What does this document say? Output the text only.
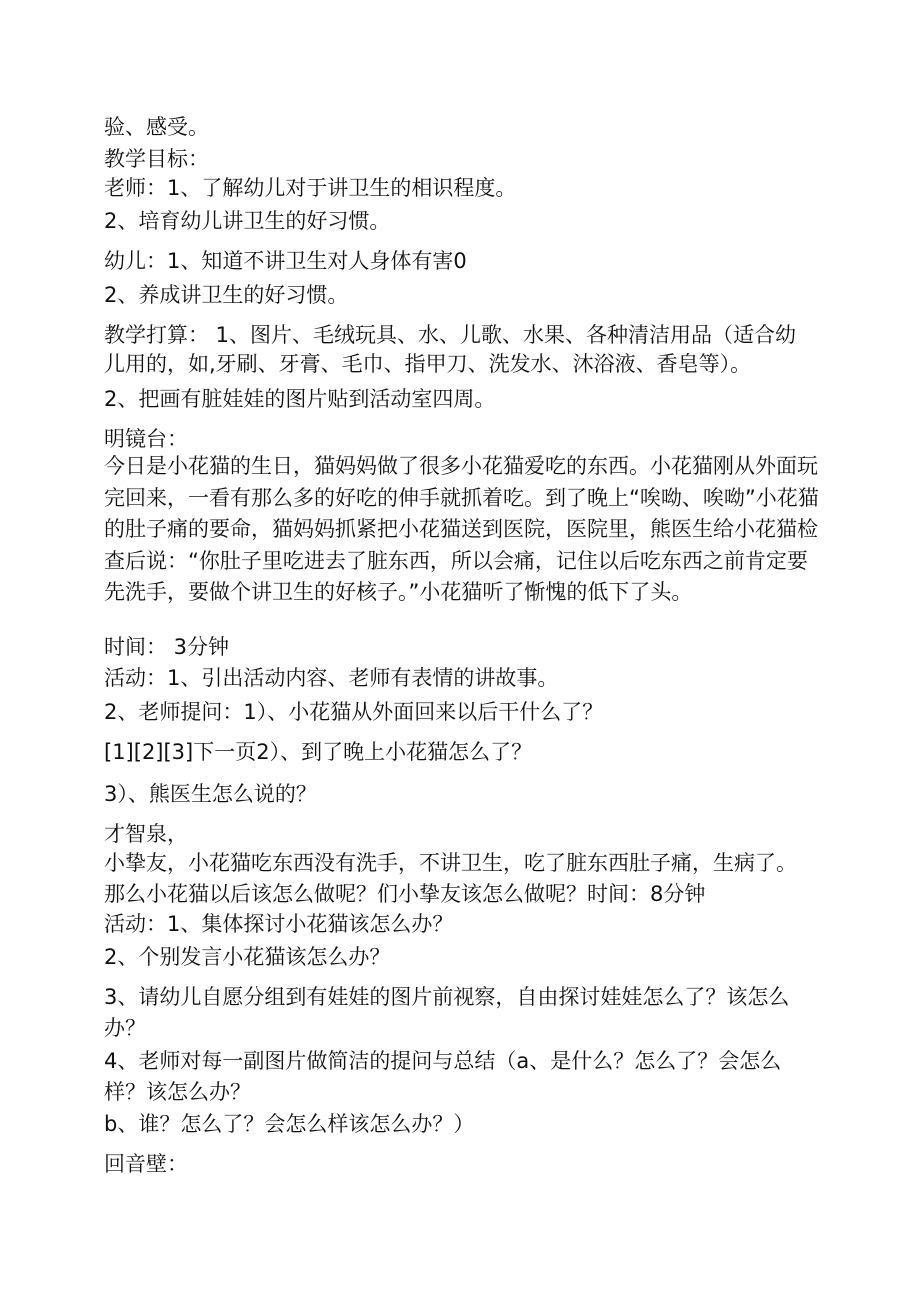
验、感受。
教学目标：
老师：1、了解幼儿对于讲卫生的相识程度。
2、培育幼儿讲卫生的好习惯。
幼儿：1、知道不讲卫生对人身体有害0
2、养成讲卫生的好习惯。
教学打算： 1、图片、毛绒玩具、水、儿歌、水果、各种清洁用品（适合幼
儿用的，如,牙刷、牙膏、毛巾、指甲刀、洗发水、沐浴液、香皂等）。
2、把画有脏娃娃的图片贴到活动室四周。
明镜台：
今日是小花猫的生日，猫妈妈做了很多小花猫爱吃的东西。小花猫刚从外面玩完回来，一看有那么多的好吃的伸手就抓着吃。到了晚上“唉呦、唉呦”小花猫的肚子痛的要命，猫妈妈抓紧把小花猫送到医院，医院里，熊医生给小花猫检查后说：“你肚子里吃进去了脏东西，所以会痛，记住以后吃东西之前肯定要先洗手，要做个讲卫生的好核子。”小花猫听了惭愧的低下了头。
时间： 3分钟
活动：1、引出活动内容、老师有表情的讲故事。
2、老师提问：1）、小花猫从外面回来以后干什么了？
[1][2][3]下一页2）、到了晚上小花猫怎么了？
3）、熊医生怎么说的？
才智泉，
小挚友，小花猫吃东西没有洗手，不讲卫生，吃了脏东西肚子痛，生病了。
那么小花猫以后该怎么做呢？们小挚友该怎么做呢？时间：8分钟
活动：1、集体探讨小花猫该怎么办？
2、个别发言小花猫该怎么办？
3、请幼儿自愿分组到有娃娃的图片前视察，自由探讨娃娃怎么了？该怎么
办？
4、老师对每一副图片做简洁的提问与总结（a、是什么？怎么了？会怎么
样？该怎么办？
b、谁？怎么了？会怎么样该怎么办？）
回音壁：
